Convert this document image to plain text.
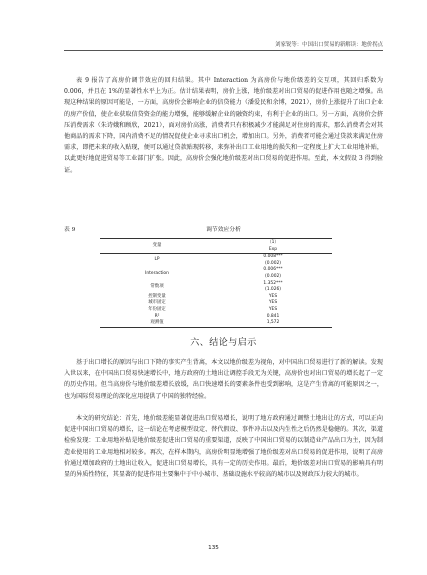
刘家锐等：中国出口贸易的新解读：地价拐点

表 9 报告了高房价调节效应的回归结果。其中 Interaction 为高房价与地价级差的交互项，其回归系数为 0.006，并且在 1%的显著性水平上为正。估计结果表明，房价上涨，地价级差对出口贸易的促进作用也随之增强。出现这种结果的原因可能是，一方面，高房价会影响企业的信贷能力（潘爱民和余博，2021），房价上涨提升了出口企业的房产价值，使企业获取信贷资金的能力增强，能够缓解企业的融资约束，有利于企业的出口。另一方面，高房价会挤压消费需求（朱诗娥和顾欣，2021），面对房价高涨，消费者只有积极减少才能满足对住房的需求，那么消费者会对其他商品的需求下降，国内消费不足的情况促使企业寻求出口机会，增加出口。另外，消费者可能会通过贷款来满足住房需求，即把未来的收入贴现，便可以通过贷款贴现转移，来弥补出口工业用地的损失和一定程度上扩大工业用地补贴，以此更好地促进贸易等工业部门扩张。因此，高房价会强化地价级差对出口贸易的促进作用。至此，本文假设 3 得到验证。

调节效应分析
表 9
变量	（1）
	Exp
LP	0.008***
	(0.002)
Interaction	0.006***
	(0.002)
常数项	1.352***
	(1.026)
控制变量	YES
城市固定	YES
年份固定	YES
R²	0.841
观测值	1,572
六、结论与启示

基于出口增长的原因与出口下降的事实产生背离，本文以地价级差为视角，对中国出口贸易进行了新的解读。发现入世以来，在中国出口贸易快速增长中，地方政府的土地出让调控手段无为关键，高房价也对出口贸易的增长起了一定的历史作用。但当高房价与地价级差增长放缓，出口快速增长的要素条件也受到影响，这是产生背离的可能原因之一，也为国际贸易理论的深化应用提供了中国的独特经验。

本文的研究结论：首先，地价级差能显著促进出口贸易增长，说明了地方政府通过调整土地出让的方式，可以正向促进中国出口贸易的增长，这一结论在考虑模型设定、替代假设、事件冲击以及内生性之后仍然是稳健的。其次，渠道检验发现：工业用地补贴是地价级差促进出口贸易的重要渠道，反映了中国出口贸易的以制造业产品出口为主，因为制造业使用的工业用地相对较多。再次，在样本期内，高房价明显地增强了地价级差对出口贸易的促进作用，说明了高房价通过增加政府的土地出让收入，促进出口贸易增长，具有一定的历史作用。最后，地价级差对出口贸易的影响具有明显的异质性特征，其显著的促进作用主要集中于中小城市、基础设施水平较高的城市以及财政压力较大的城市。

135
